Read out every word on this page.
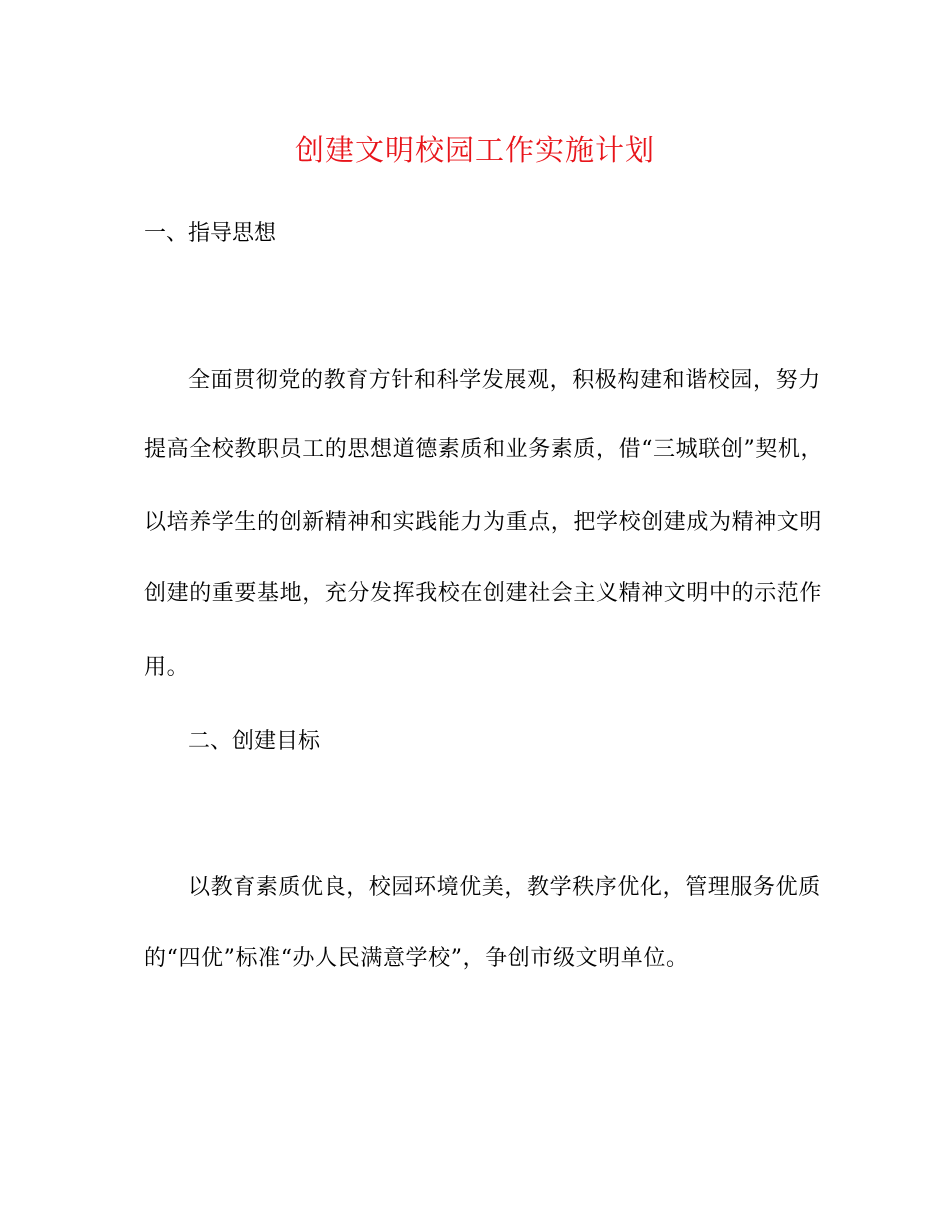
创建文明校园工作实施计划
一、指导思想
全面贯彻党的教育方针和科学发展观，积极构建和谐校园，努力
提高全校教职员工的思想道德素质和业务素质，借“三城联创”契机，
以培养学生的创新精神和实践能力为重点，把学校创建成为精神文明
创建的重要基地，充分发挥我校在创建社会主义精神文明中的示范作
用。
二、创建目标
以教育素质优良，校园环境优美，教学秩序优化，管理服务优质
的“四优”标准“办人民满意学校”，争创市级文明单位。
